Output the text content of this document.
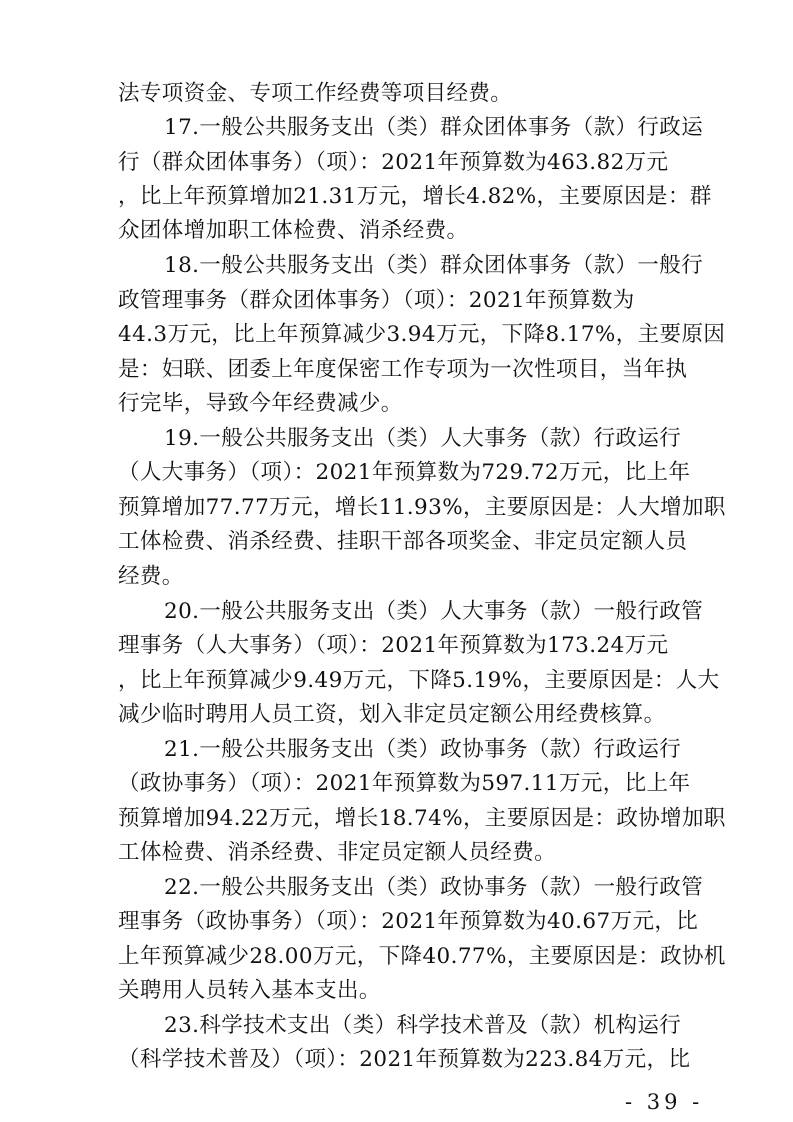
法专项资金、专项工作经费等项目经费。
17.一般公共服务支出（类）群众团体事务（款）行政运
行（群众团体事务）（项）：2021年预算数为463.82万元
，比上年预算增加21.31万元，增长4.82%，主要原因是：群
众团体增加职工体检费、消杀经费。
18.一般公共服务支出（类）群众团体事务（款）一般行
政管理事务（群众团体事务）（项）：2021年预算数为
44.3万元，比上年预算减少3.94万元，下降8.17%，主要原因
是：妇联、团委上年度保密工作专项为一次性项目，当年执
行完毕，导致今年经费减少。
19.一般公共服务支出（类）人大事务（款）行政运行
（人大事务）（项）：2021年预算数为729.72万元，比上年
预算增加77.77万元，增长11.93%，主要原因是：人大增加职
工体检费、消杀经费、挂职干部各项奖金、非定员定额人员
经费。
20.一般公共服务支出（类）人大事务（款）一般行政管
理事务（人大事务）（项）：2021年预算数为173.24万元
，比上年预算减少9.49万元，下降5.19%，主要原因是：人大
减少临时聘用人员工资，划入非定员定额公用经费核算。
21.一般公共服务支出（类）政协事务（款）行政运行
（政协事务）（项）：2021年预算数为597.11万元，比上年
预算增加94.22万元，增长18.74%，主要原因是：政协增加职
工体检费、消杀经费、非定员定额人员经费。
22.一般公共服务支出（类）政协事务（款）一般行政管
理事务（政协事务）（项）：2021年预算数为40.67万元，比
上年预算减少28.00万元，下降40.77%，主要原因是：政协机
关聘用人员转入基本支出。
23.科学技术支出（类）科学技术普及（款）机构运行
（科学技术普及）（项）：2021年预算数为223.84万元，比
- 39 -
